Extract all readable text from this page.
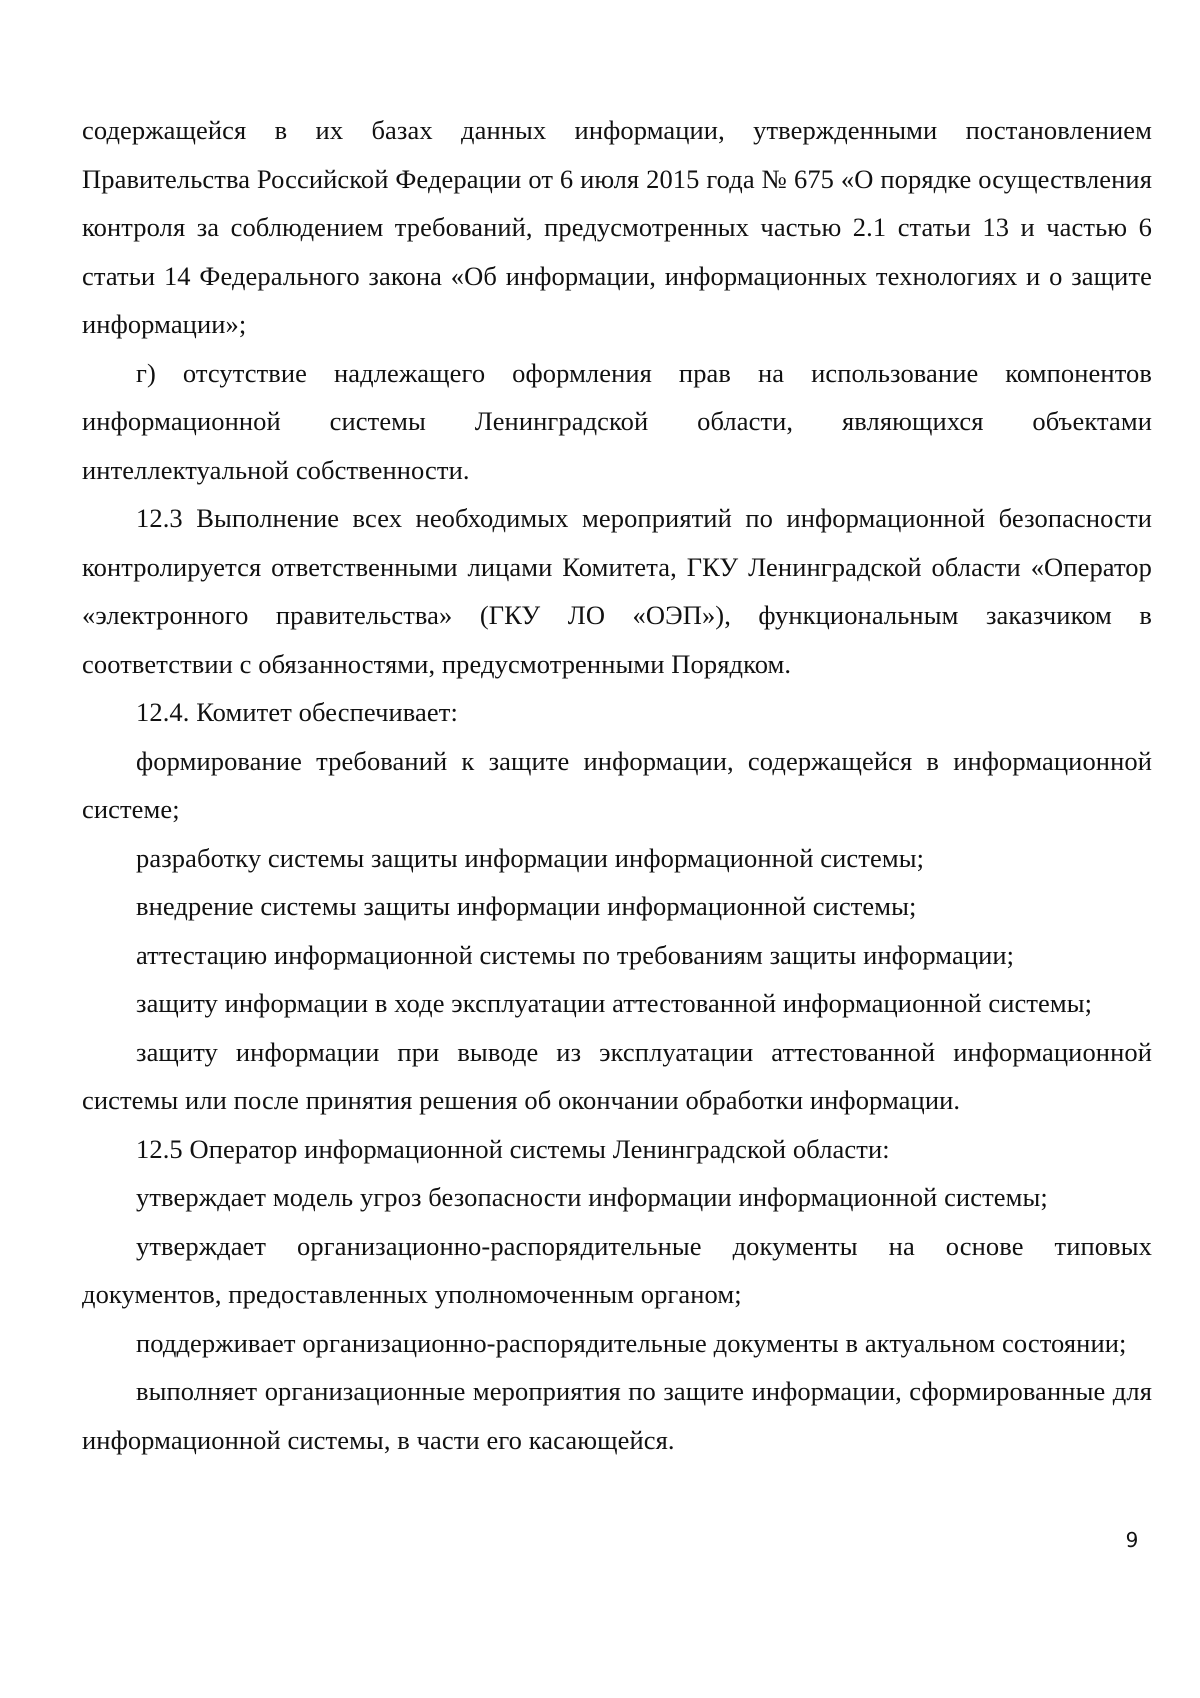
содержащейся в их базах данных информации, утвержденными постановлением Правительства Российской Федерации от 6 июля 2015 года № 675 «О порядке осуществления контроля за соблюдением требований, предусмотренных частью 2.1 статьи 13 и частью 6 статьи 14 Федерального закона «Об информации, информационных технологиях и о защите информации»;

г) отсутствие надлежащего оформления прав на использование компонентов информационной системы Ленинградской области, являющихся объектами интеллектуальной собственности.

12.3 Выполнение всех необходимых мероприятий по информационной безопасности контролируется ответственными лицами Комитета, ГКУ Ленинградской области «Оператор «электронного правительства» (ГКУ ЛО «ОЭП»), функциональным заказчиком в соответствии с обязанностями, предусмотренными Порядком.

12.4. Комитет обеспечивает:

формирование требований к защите информации, содержащейся в информационной системе;

разработку системы защиты информации информационной системы;

внедрение системы защиты информации информационной системы;

аттестацию информационной системы по требованиям защиты информации;

защиту информации в ходе эксплуатации аттестованной информационной системы;

защиту информации при выводе из эксплуатации аттестованной информационной системы или после принятия решения об окончании обработки информации.

12.5 Оператор информационной системы Ленинградской области:

утверждает модель угроз безопасности информации информационной системы;

утверждает организационно-распорядительные документы на основе типовых документов, предоставленных уполномоченным органом;

поддерживает организационно-распорядительные документы в актуальном состоянии;

выполняет организационные мероприятия по защите информации, сформированные для информационной системы, в части его касающейся.

9
